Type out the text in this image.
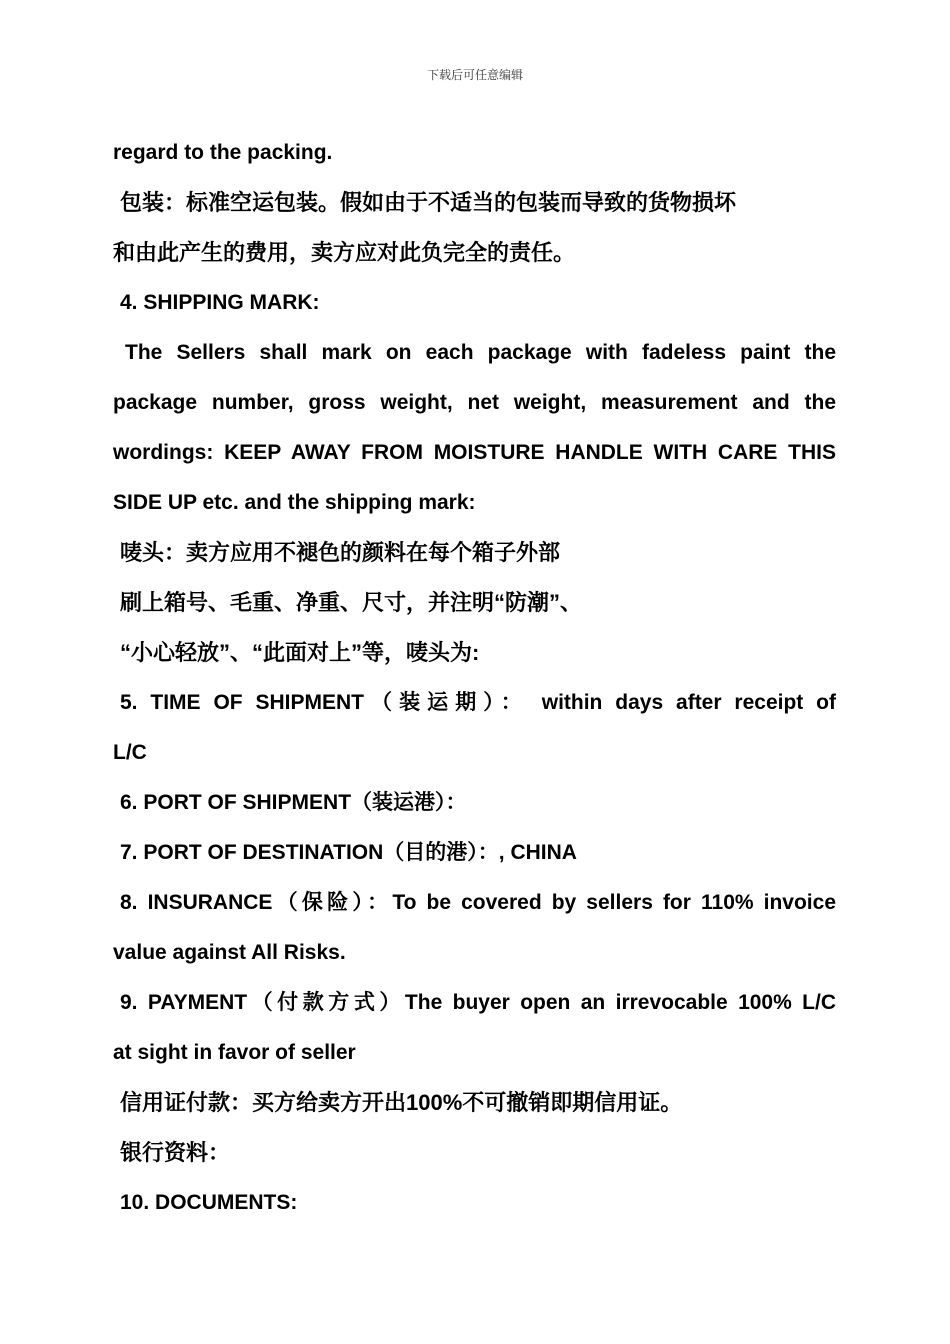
下载后可任意编辑
regard to the packing.
包装：标准空运包装。假如由于不适当的包装而导致的货物损坏
和由此产生的费用，卖方应对此负完全的责任。
4. SHIPPING MARK:
The Sellers shall mark on each package with fadeless paint the
package number, gross weight, net weight, measurement and the
wordings: KEEP AWAY FROM MOISTURE HANDLE WITH CARE THIS
SIDE UP etc. and the shipping mark:
唛头：卖方应用不褪色的颜料在每个箱子外部
刷上箱号、毛重、净重、尺寸，并注明“防潮”、
“小心轻放”、“此面对上”等，唛头为:
5. TIME OF SHIPMENT（装运期）： within days after receipt of
L/C
6. PORT OF SHIPMENT（装运港）：
7. PORT OF DESTINATION（目的港）：, CHINA
8. INSURANCE（保险）：To be covered by sellers for 110% invoice
value against All Risks.
9. PAYMENT（付款方式）The buyer open an irrevocable 100% L/C
at sight in favor of seller
信用证付款：买方给卖方开出100%不可撤销即期信用证。
银行资料：
10. DOCUMENTS:
